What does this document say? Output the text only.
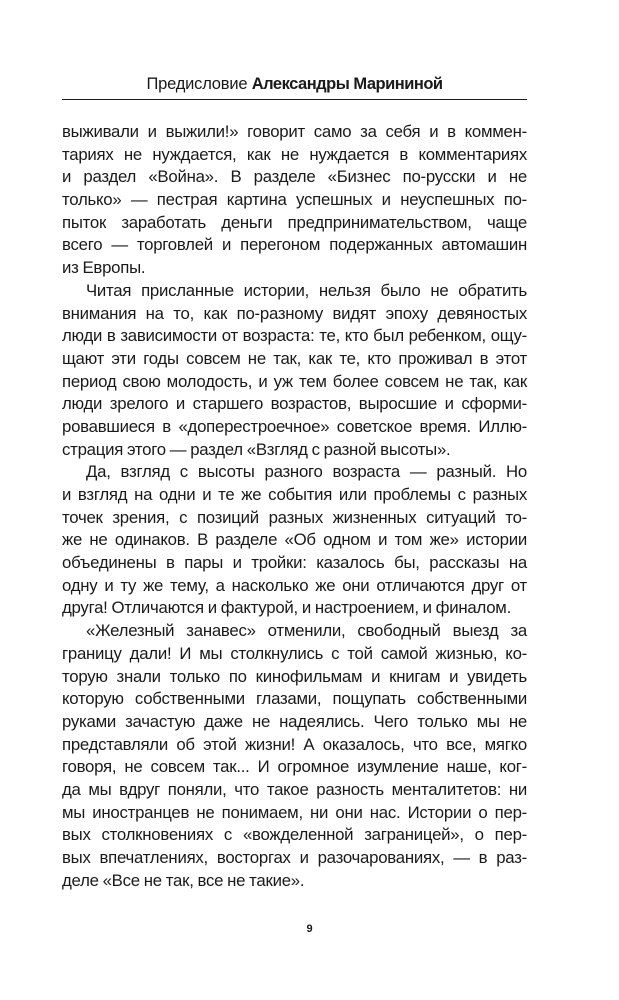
Предисловие Александры Марининой
выживали и выжили!» говорит само за себя и в коммен-
тариях не нуждается, как не нуждается в комментариях
и раздел «Война». В разделе «Бизнес по-русски и не
только» — пестрая картина успешных и неуспешных по-
пыток заработать деньги предпринимательством, чаще
всего — торговлей и перегоном подержанных автомашин
из Европы.
Читая присланные истории, нельзя было не обратить
внимания на то, как по-разному видят эпоху девяностых
люди в зависимости от возраста: те, кто был ребенком, ощу-
щают эти годы совсем не так, как те, кто проживал в этот
период свою молодость, и уж тем более совсем не так, как
люди зрелого и старшего возрастов, выросшие и сформи-
ровавшиеся в «доперестроечное» советское время. Иллю-
страция этого — раздел «Взгляд с разной высоты».
Да, взгляд с высоты разного возраста — разный. Но
и взгляд на одни и те же события или проблемы с разных
точек зрения, с позиций разных жизненных ситуаций то-
же не одинаков. В разделе «Об одном и том же» истории
объединены в пары и тройки: казалось бы, рассказы на
одну и ту же тему, а насколько же они отличаются друг от
друга! Отличаются и фактурой, и настроением, и финалом.
«Железный занавес» отменили, свободный выезд за
границу дали! И мы столкнулись с той самой жизнью, ко-
торую знали только по кинофильмам и книгам и увидеть
которую собственными глазами, пощупать собственными
руками зачастую даже не надеялись. Чего только мы не
представляли об этой жизни! А оказалось, что все, мягко
говоря, не совсем так... И огромное изумление наше, ког-
да мы вдруг поняли, что такое разность менталитетов: ни
мы иностранцев не понимаем, ни они нас. Истории о пер-
вых столкновениях с «вожделенной заграницей», о пер-
вых впечатлениях, восторгах и разочарованиях, — в раз-
деле «Все не так, все не такие».
9
